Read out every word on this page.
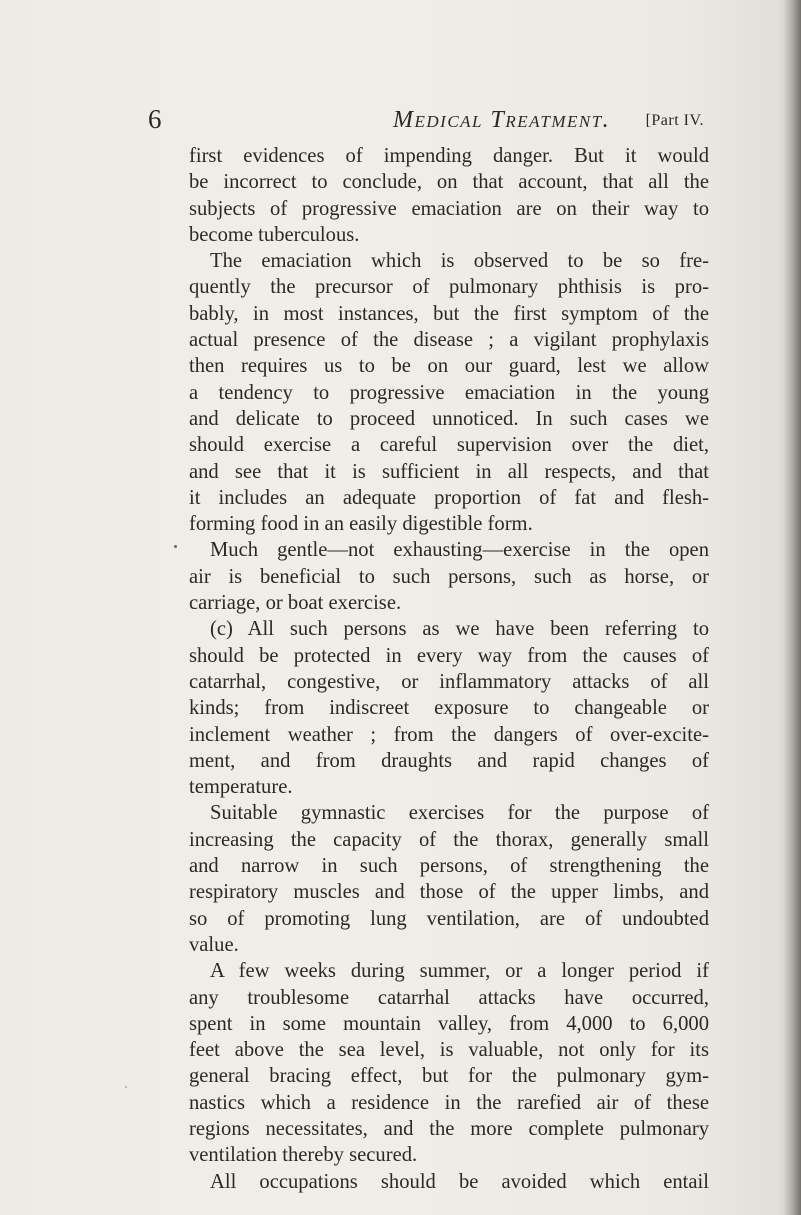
6	Medical Treatment. [Part IV.
first evidences of impending danger. But it would
be incorrect to conclude, on that account, that all the
subjects of progressive emaciation are on their way to
become tuberculous.
The emaciation which is observed to be so fre-
quently the precursor of pulmonary phthisis is pro-
bably, in most instances, but the first symptom of the
actual presence of the disease ; a vigilant prophylaxis
then requires us to be on our guard, lest we allow
a tendency to progressive emaciation in the young
and delicate to proceed unnoticed. In such cases we
should exercise a careful supervision over the diet,
and see that it is sufficient in all respects, and that
it includes an adequate proportion of fat and flesh-
forming food in an easily digestible form.
Much gentle—not exhausting—exercise in the open
air is beneficial to such persons, such as horse, or
carriage, or boat exercise.
(c) All such persons as we have been referring to
should be protected in every way from the causes of
catarrhal, congestive, or inflammatory attacks of all
kinds; from indiscreet exposure to changeable or
inclement weather ; from the dangers of over-excite-
ment, and from draughts and rapid changes of
temperature.
Suitable gymnastic exercises for the purpose of
increasing the capacity of the thorax, generally small
and narrow in such persons, of strengthening the
respiratory muscles and those of the upper limbs, and
so of promoting lung ventilation, are of undoubted
value.
A few weeks during summer, or a longer period if
any troublesome catarrhal attacks have occurred,
spent in some mountain valley, from 4,000 to 6,000
feet above the sea level, is valuable, not only for its
general bracing effect, but for the pulmonary gym-
nastics which a residence in the rarefied air of these
regions necessitates, and the more complete pulmonary
ventilation thereby secured.
All occupations should be avoided which entail
